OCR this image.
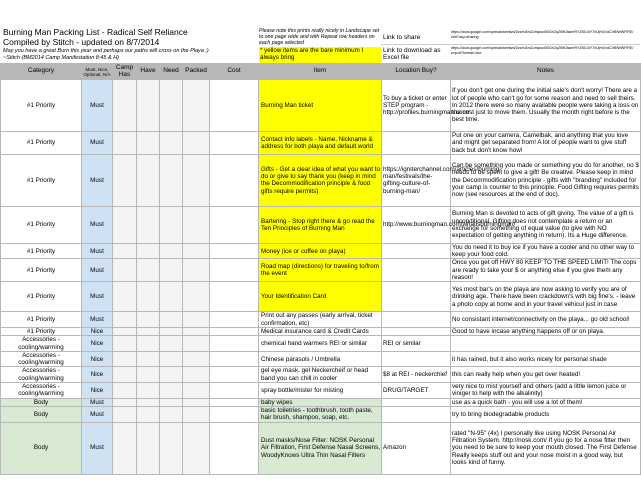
Burning Man Packing List - Radical Self Reliance
Compiled by Stitch - updated on 8/7/2014
May you have a great Burn this year and perhaps our paths will cross on the Playa :)
~Stitch (BM2014 Camp Manifestation 8:45 & H)
Please note this prints really nicely in Landscape set to one page wide and with Repeat row headers on each page selected
* yellow items are the bare minimum I always bring
Link to share
Link to download as Excel file
https://docs.google.com/spreadsheets/d/1ksnVAmZu9qsxo0l0Gh2qZfMDisamRYZB0J4Y7hUjHr2xdCVBfWWRFIE/edit?usp=sharing
https://docs.google.com/spreadsheets/d/1ksnVAmZu9qsxo0l0Gh2qZfMDisamRYZB0J4Y7hUjHr2xdCVBfWWRFIE/export?format=xlsx
Category	Must, Nice, Optional, N/A	Camp Has	Have	Need	Packed	Cost	Item	Location Buy?	Notes
#1 Priority	Must						Burning Man ticket	To buy a ticket or enter STEP program - http://profiles.burningman.com/	If you don't get one during the initial sale's don't worry! There are a lot of people who can't go for some reason and need to sell theirs. In 2012 there were so many available people were taking a loss on the cost just to move them. Usually the month right before is the best time.
#1 Priority	Must						Contact info labels - Name, Nickname & address for both playa and default world		Put one on your camera, Camelbak, and anything that you love and might get separated from! A lot of people want to give stuff back but don't know how!
#1 Priority	Must						Gifts - Get a clear idea of what you want to do or give to say thank you (keep in mind the Decommodification principle & food gifts require permits)	https://igniterchannel.com/articles/burning-man/festivals/the-gifting-culture-of-burning-man/	Can be something you made or something you do for another, no $ needs to be spent to give a gift! Be creative. Please keep in mind the Decommodification principle - gifts with "branding" included for your camp is counter to this principle. Food Gifting requires permits now (see resources at the end of doc).
#1 Priority	Must						Bartering - Stop right there & go read the Ten Principles of Burning Man	http://www.burningman.com/whatisburningman/	Burning Man is devoted to acts of gift giving. The value of a gift is unconditional. Gifting does not contemplate a return or an exchange for something of equal value (to give with NO expectation of getting anything in return). Its a Huge difference.
#1 Priority	Must						Money (ice or coffee on playa)		You do need it to buy ice if you have a cooler and no other way to keep your food cold.
#1 Priority	Must						Road map (directions) for traveling to/from the event		Once you get off HWY 80 KEEP TO THE SPEED LIMIT! The cops are ready to take your $ or anything else if you give them any reason!
#1 Priority	Must						Your Identification Card		Yes most bar's on the playa are now asking to verify you are of drinking age. There have been crackdown's with big fine's. - leave a photo copy at home and in your travel vehicul just in case
#1 Priority	Must						Print out any passes (early arrival, ticket confirmation, etc)		No consistant internet/connectivity on the playa... go old school!
#1 Priority	Nice						Medical insurance card & Credit Cards		Good to have incase anything happens off or on playa.
Accessories - cooling/warming	Nice						chemical hand warmers REI or similar	REI or similar	
Accessories - cooling/warming	Nice						Chinese parasols / Umbrella		it has rained, but it also works nicely for personal shade
Accessories - cooling/warming	Nice						gel eye mask, gel Neckercheif or head band you can chill in cooler	$8 at REI - neckerchief	this can really help when you get over heated!
Accessories - cooling/warming	Nice						spray bottle/mister for misting	DRUG/TARGET	very nice to mist yourself and others (add a little lemon juice or viniger to help with the alkalinity)
Body	Must						baby wipes		use as a quick bath - you will use a lot of them!
Body	Must						basic toiletries - toothbrush, tooth paste, hair brush, shampoo, soap, etc.		try to bring biodegradable products
Body	Must						Dust masks/Nose Filter: NOSK Personal Air Filtration, First Defense Nasal Screens, WoodyKnows Ultra Thin Nasal Filters	Amazon	rated "N-95" (4x) I personally like using NOSK Personal Air Filtration System. http://nosk.com/ If you go for a nose filter then you need to be sure to keep your mouth closed. The First Defense Really keeps stuff out and your nose moist in a good way, but looks kind of funny.
